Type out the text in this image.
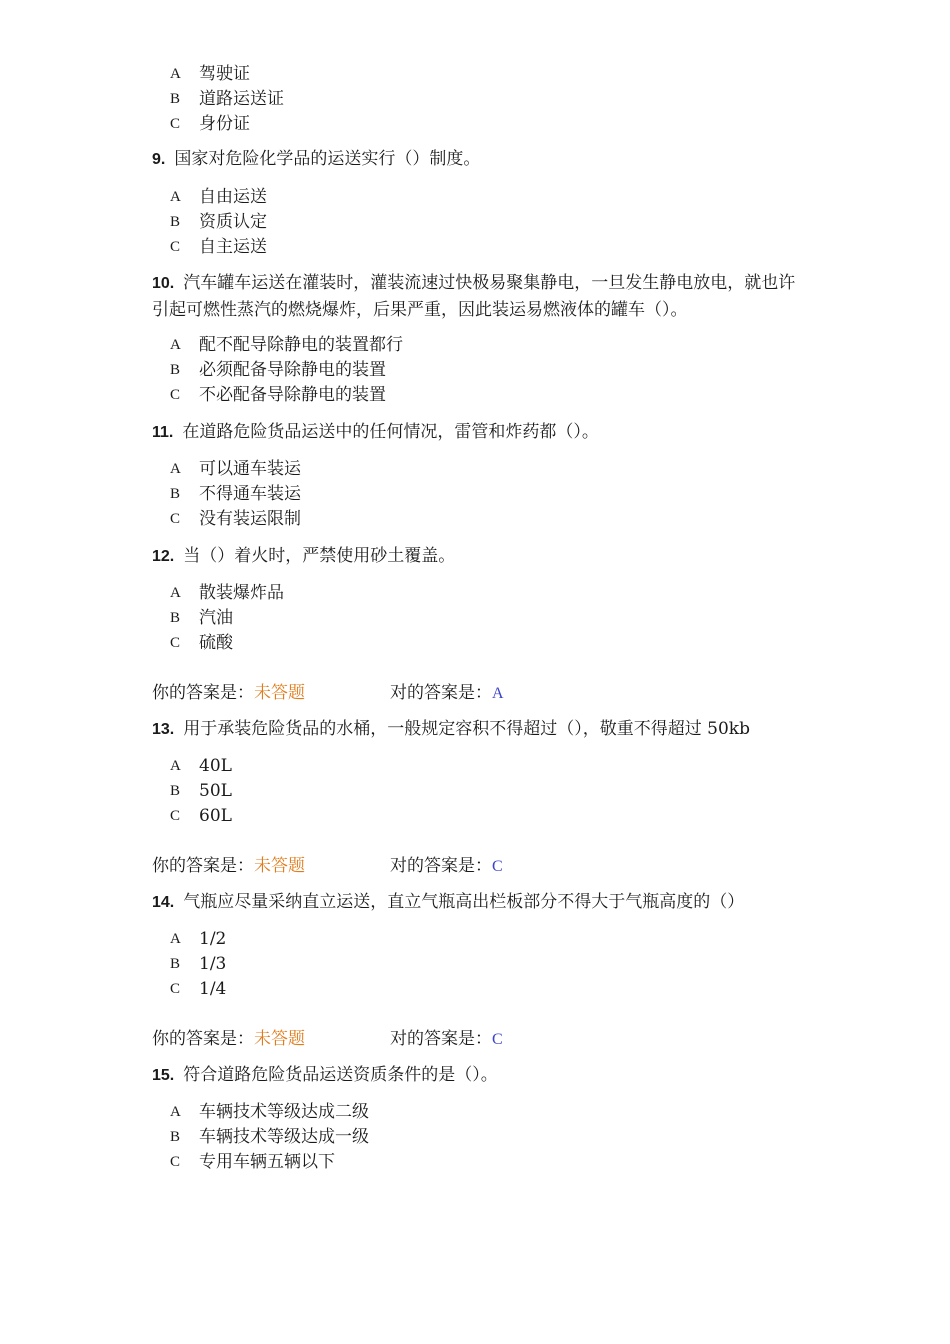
A	驾驶证
B	道路运送证
C	身份证
9. 国家对危险化学品的运送实行（）制度。
A	自由运送
B	资质认定
C	自主运送
10. 汽车罐车运送在灌装时，灌装流速过快极易聚集静电，一旦发生静电放电，就也许引起可燃性蒸汽的燃烧爆炸，后果严重，因此装运易燃液体的罐车（）。
A	配不配导除静电的装置都行
B	必须配备导除静电的装置
C	不必配备导除静电的装置
11. 在道路危险货品运送中的任何情况，雷管和炸药都（）。
A	可以通车装运
B	不得通车装运
C	没有装运限制
12. 当（）着火时，严禁使用砂土覆盖。
A	散装爆炸品
B	汽油
C	硫酸
你的答案是：未答题	对的答案是：A
13. 用于承装危险货品的水桶，一般规定容积不得超过（），敬重不得超过 50kb
A	40L
B	50L
C	60L
你的答案是：未答题	对的答案是：C
14. 气瓶应尽量采纳直立运送，直立气瓶高出栏板部分不得大于气瓶高度的（）
A	1/2
B	1/3
C	1/4
你的答案是：未答题	对的答案是：C
15. 符合道路危险货品运送资质条件的是（）。
A	车辆技术等级达成二级
B	车辆技术等级达成一级
C	专用车辆五辆以下
